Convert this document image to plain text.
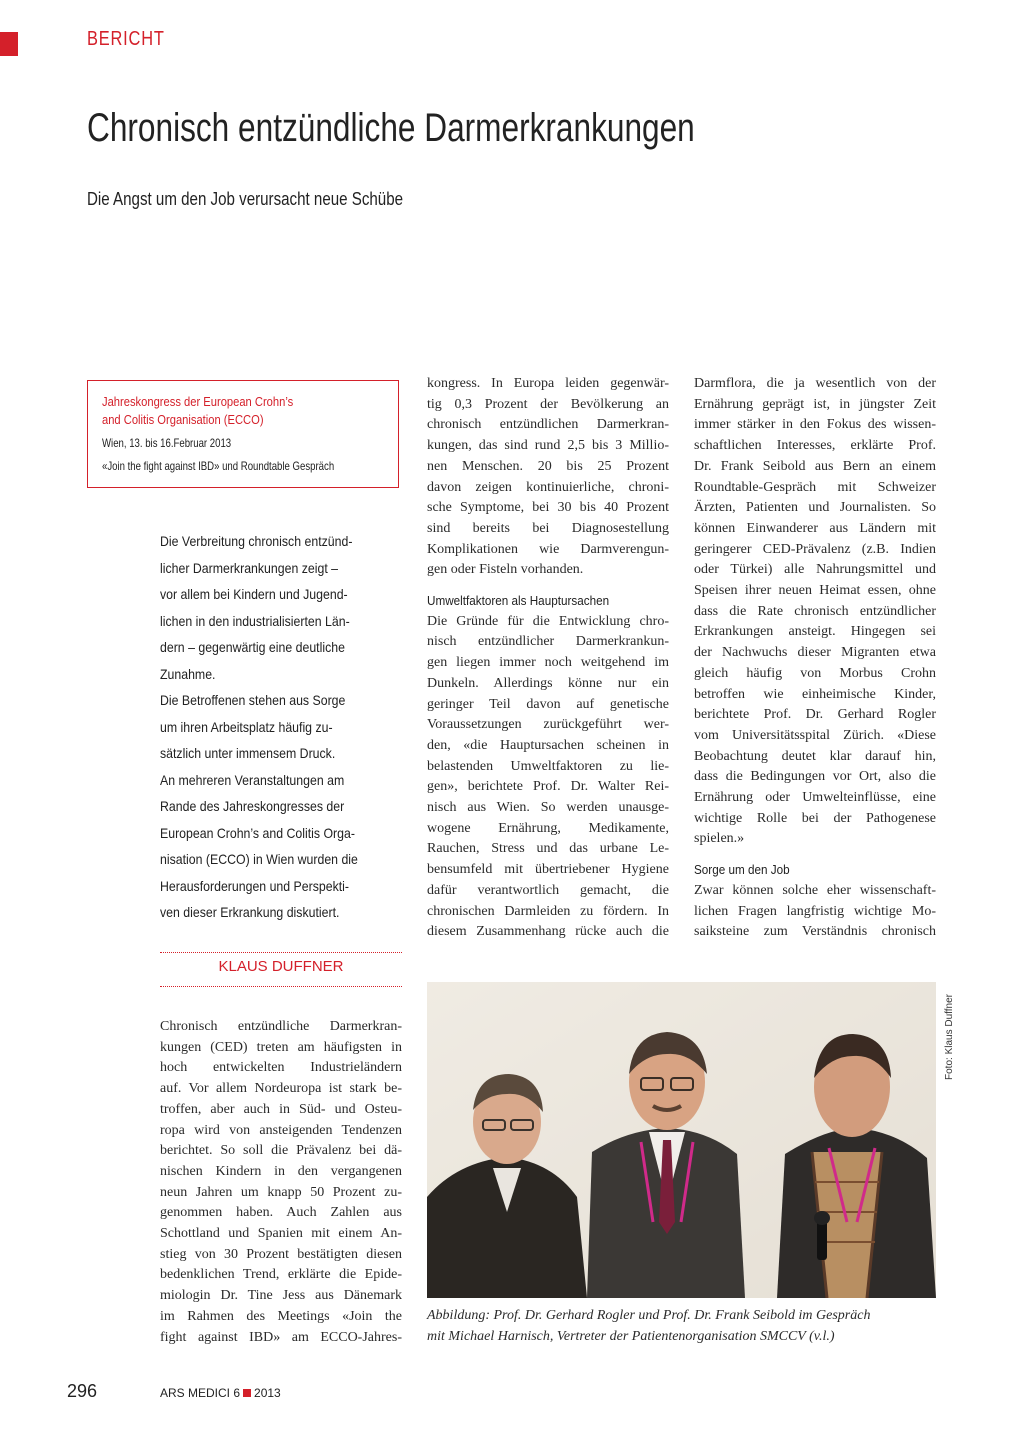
BERICHT
Chronisch entzündliche Darmerkrankungen
Die Angst um den Job verursacht neue Schübe
Jahreskongress der European Crohn’s
and Colitis Organisation (ECCO)
Wien, 13. bis 16.Februar 2013
«Join the fight against IBD» und Roundtable Gespräch

Die Verbreitung chronisch entzünd-
licher Darmerkrankungen zeigt –
vor allem bei Kindern und Jugend-
lichen in den industrialisierten Län-
dern – gegenwärtig eine deutliche
Zunahme.

Die Betroffenen stehen aus Sorge
um ihren Arbeitsplatz häufig zu-
sätzlich unter immensem Druck.
An mehreren Veranstaltungen am
Rande des Jahreskongresses der
European Crohn’s and Colitis Orga-
nisation (ECCO) in Wien wurden die
Herausforderungen und Perspekti-
ven dieser Erkrankung diskutiert.

KLAUS DUFFNER
Chronisch entzündliche Darmerkran-
kungen (CED) treten am häufigsten in
hoch entwickelten Industrieländern
auf. Vor allem Nordeuropa ist stark be-
troffen, aber auch in Süd- und Osteu-
ropa wird von ansteigenden Tendenzen
berichtet. So soll die Prävalenz bei dä-
nischen Kindern in den vergangenen
neun Jahren um knapp 50 Prozent zu-
genommen haben. Auch Zahlen aus
Schottland und Spanien mit einem An-
stieg von 30 Prozent bestätigten diesen
bedenklichen Trend, erklärte die Epide-
miologin Dr. Tine Jess aus Dänemark
im Rahmen des Meetings «Join the
fight against IBD» am ECCO-Jahres-
kongress. In Europa leiden gegenwär-
tig 0,3 Prozent der Bevölkerung an
chronisch entzündlichen Darmerkran-
kungen, das sind rund 2,5 bis 3 Millio-
nen Menschen. 20 bis 25 Prozent
davon zeigen kontinuierliche, chroni-
sche Symptome, bei 30 bis 40 Prozent
sind bereits bei Diagnosestellung
Komplikationen wie Darmverengun-
gen oder Fisteln vorhanden.
Umweltfaktoren als Hauptursachen
Die Gründe für die Entwicklung chro-
nisch entzündlicher Darmerkrankun-
gen liegen immer noch weitgehend im
Dunkeln. Allerdings könne nur ein
geringer Teil davon auf genetische
Voraussetzungen zurückgeführt wer-
den, «die Hauptursachen scheinen in
belastenden Umweltfaktoren zu lie-
gen», berichtete Prof. Dr. Walter Rei-
nisch aus Wien. So werden unausge-
wogene Ernährung, Medikamente,
Rauchen, Stress und das urbane Le-
bensumfeld mit übertriebener Hygiene
dafür verantwortlich gemacht, die
chronischen Darmleiden zu fördern. In
diesem Zusammenhang rücke auch die
Darmflora, die ja wesentlich von der
Ernährung geprägt ist, in jüngster Zeit
immer stärker in den Fokus des wissen-
schaftlichen Interesses, erklärte Prof.
Dr. Frank Seibold aus Bern an einem
Roundtable-Gespräch mit Schweizer
Ärzten, Patienten und Journalisten. So
können Einwanderer aus Ländern mit
geringerer CED-Prävalenz (z.B. Indien
oder Türkei) alle Nahrungsmittel und
Speisen ihrer neuen Heimat essen, ohne
dass die Rate chronisch entzündlicher
Erkrankungen ansteigt. Hingegen sei
der Nachwuchs dieser Migranten etwa
gleich häufig von Morbus Crohn
betroffen wie einheimische Kinder,
berichtete Prof. Dr. Gerhard Rogler
vom Universitätsspital Zürich. «Diese
Beobachtung deutet klar darauf hin,
dass die Bedingungen vor Ort, also die
Ernährung oder Umwelteinflüsse, eine
wichtige Rolle bei der Pathogenese
spielen.»
Sorge um den Job
Zwar können solche eher wissenschaft-
lichen Fragen langfristig wichtige Mo-
saiksteine zum Verständnis chronisch
Foto: Klaus Duffner
Abbildung: Prof. Dr. Gerhard Rogler und Prof. Dr. Frank Seibold im Gespräch
mit Michael Harnisch, Vertreter der Patientenorganisation SMCCV (v.l.)
296	ARS MEDICI 6 2013
